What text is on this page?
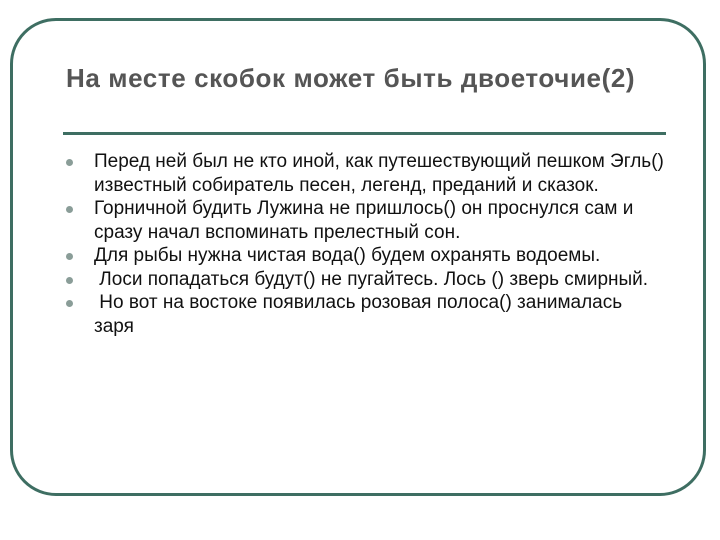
На месте скобок может быть двоеточие(2)
Перед ней был не кто иной, как путешествующий пешком Эгль() известный собиратель песен, легенд, преданий и сказок.
Горничной будить Лужина не пришлось() он проснулся сам и сразу начал вспоминать прелестный сон.
Для рыбы нужна чистая вода() будем охранять водоемы.
Лоси попадаться будут() не пугайтесь. Лось () зверь смирный.
Но вот на востоке появилась розовая полоса() занималась заря
